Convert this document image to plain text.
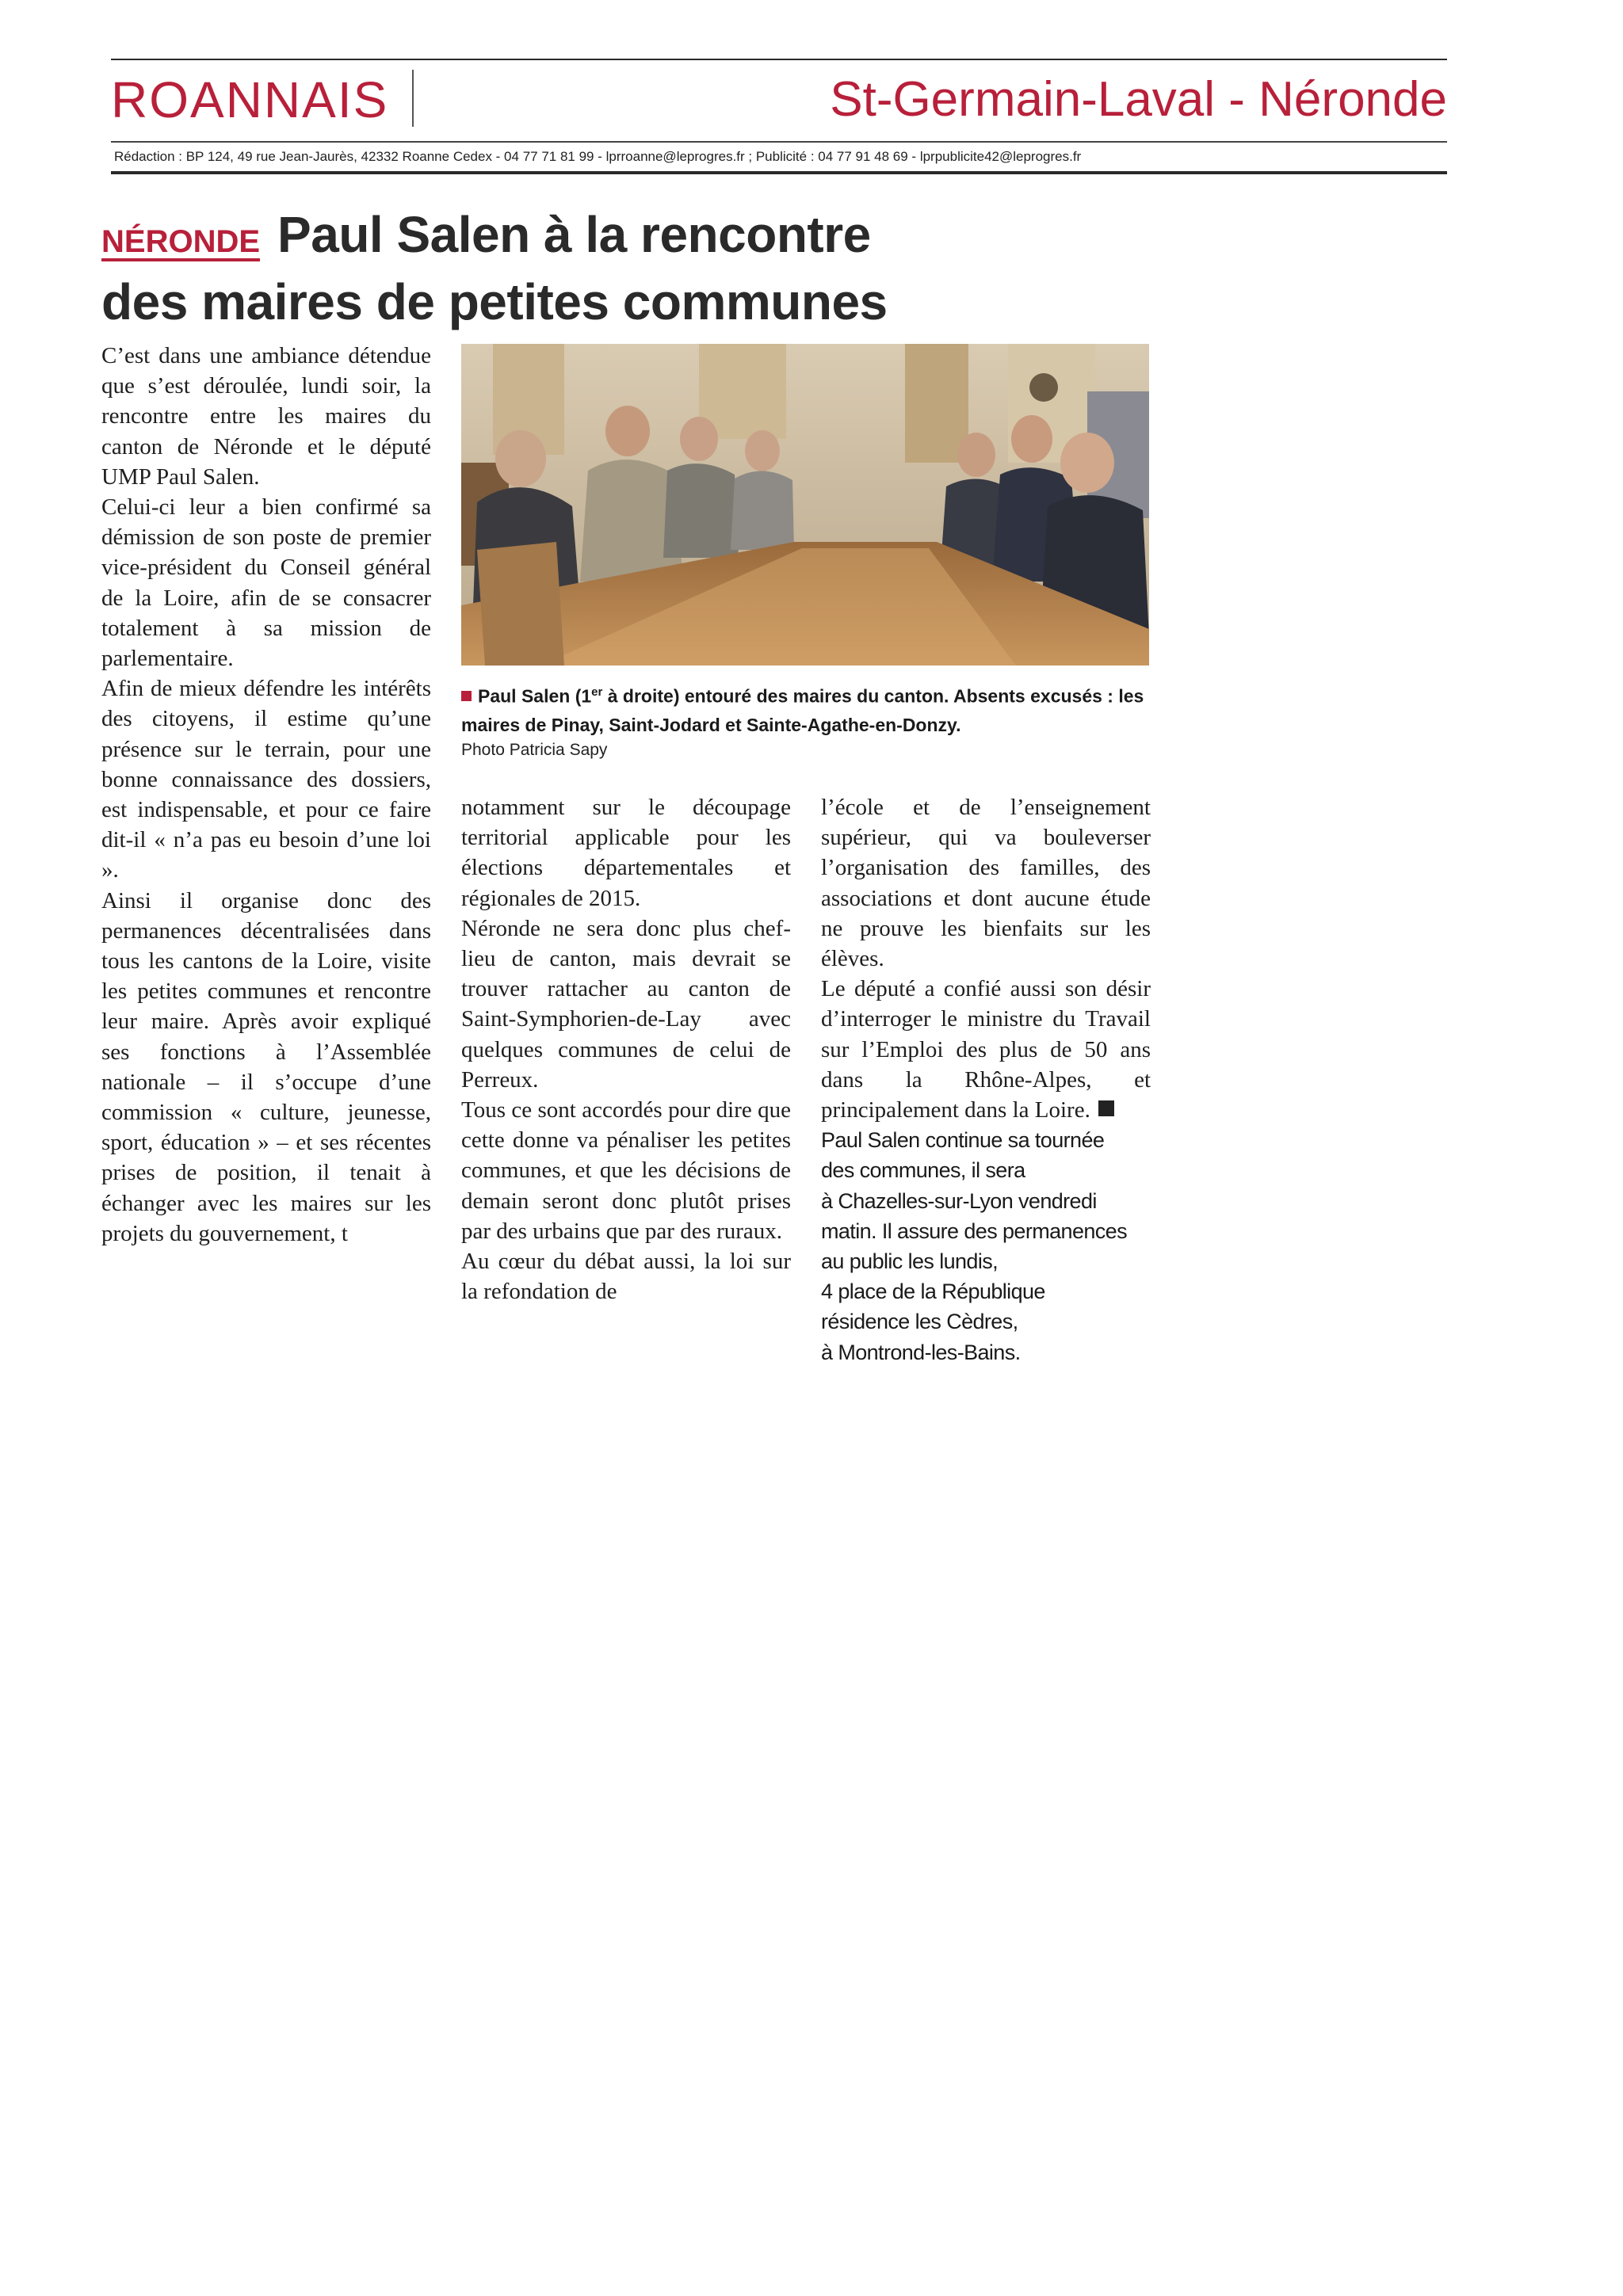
ROANNAIS	St-Germain-Laval - Néronde
Rédaction : BP 124, 49 rue Jean-Jaurès, 42332 Roanne Cedex - 04 77 71 81 99 - lprroanne@leprogres.fr ; Publicité : 04 77 91 48 69 - lprpublicite42@leprogres.fr
NÉRONDE Paul Salen à la rencontre
des maires de petites communes

C’est dans une ambiance détendue que s’est déroulée, lundi soir, la rencontre entre les maires du canton de Néronde et le député UMP Paul Salen.

Celui-ci leur a bien confirmé sa démission de son poste de premier vice-président du Conseil général de la Loire, afin de se consacrer totalement à sa mission de parlementaire.

Afin de mieux défendre les intérêts des citoyens, il estime qu’une présence sur le terrain, pour une bonne connaissance des dossiers, est indispensable, et pour ce faire dit-il « n’a pas eu besoin d’une loi ».

Ainsi il organise donc des permanences décentralisées dans tous les cantons de la Loire, visite les petites communes et rencontre leur maire. Après avoir expliqué ses fonctions à l’Assemblée nationale – il s’occupe d’une commission « culture, jeunesse, sport, éducation » – et ses récentes prises de position, il tenait à échanger avec les maires sur les projets du gouvernement, t

Paul Salen (1er à droite) entouré des maires du canton. Absents excusés : les maires de Pinay, Saint-Jodard et Sainte-Agathe-en-Donzy.
Photo Patricia Sapy

notamment sur le découpage territorial applicable pour les élections départementales et régionales de 2015.

Néronde ne sera donc plus chef-lieu de canton, mais devrait se trouver rattacher au canton de Saint-Symphorien-de-Lay avec quelques communes de celui de Perreux.

Tous ce sont accordés pour dire que cette donne va pénaliser les petites communes, et que les décisions de demain seront donc plutôt prises par des urbains que par des ruraux.

Au cœur du débat aussi, la loi sur la refondation de

l’école et de l’enseignement supérieur, qui va bouleverser l’organisation des familles, des associations et dont aucune étude ne prouve les bienfaits sur les élèves.

Le député a confié aussi son désir d’interroger le ministre du Travail sur l’Emploi des plus de 50 ans dans la Rhône-Alpes, et principalement dans la Loire.

Paul Salen continue sa tournée
des communes, il sera
à Chazelles-sur-Lyon vendredi
matin. Il assure des permanences
au public les lundis,
4 place de la République
résidence les Cèdres,
à Montrond-les-Bains.
